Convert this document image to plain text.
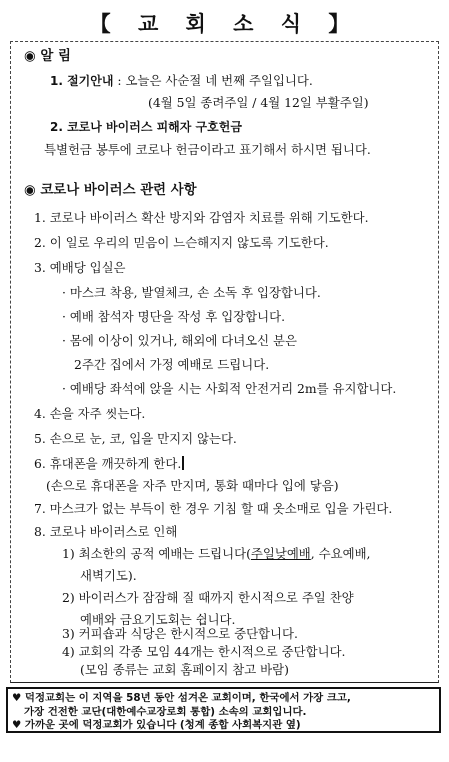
【 교 회 소 식 】
◉ 알 림
1. 절기안내 : 오늘은 사순절 네 번째 주일입니다.
(4월 5일 종려주일 / 4월 12일 부활주일)
2. 코로나 바이러스 피해자 구호헌금
특별헌금 봉투에 코로나 헌금이라고 표기해서 하시면 됩니다.
◉ 코로나 바이러스 관련 사항
1. 코로나 바이러스 확산 방지와 감염자 치료를 위해 기도한다.
2. 이 일로 우리의 믿음이 느슨해지지 않도록 기도한다.
3. 예배당 입실은
· 마스크 착용, 발열체크, 손 소독 후 입장합니다.
· 예배 참석자 명단을 작성 후 입장합니다.
· 몸에 이상이 있거나, 해외에 다녀오신 분은
2주간 집에서 가정 예배로 드립니다.
· 예배당 좌석에 앉을 시는 사회적 안전거리 2m를 유지합니다.
4. 손을 자주 씻는다.
5. 손으로 눈, 코, 입을 만지지 않는다.
6. 휴대폰을 깨끗하게 한다.
(손으로 휴대폰을 자주 만지며, 통화 때마다 입에 닿음)
7. 마스크가 없는 부득이 한 경우 기침 할 때 옷소매로 입을 가린다.
8. 코로나 바이러스로 인해
1) 최소한의 공적 예배는 드립니다(주일낮예배, 수요예배,
새벽기도).
2) 바이러스가 잠잠해 질 때까지 한시적으로 주일 찬양
예배와 금요기도회는 쉽니다.
3) 커피숍과 식당은 한시적으로 중단합니다.
♥ 덕정교회는 이 지역을 58년 동안 섬겨온 교회이며, 한국에서 가장 크고,
가장 건전한 교단(대한예수교장로회 통합) 소속의 교회입니다.
♥ 가까운 곳에 덕정교회가 있습니다 (청계 종합 사회복지관 옆)
4) 교회의 각종 모임 44개는 한시적으로 중단합니다.
(모임 종류는 교회 홈페이지 참고 바람)
